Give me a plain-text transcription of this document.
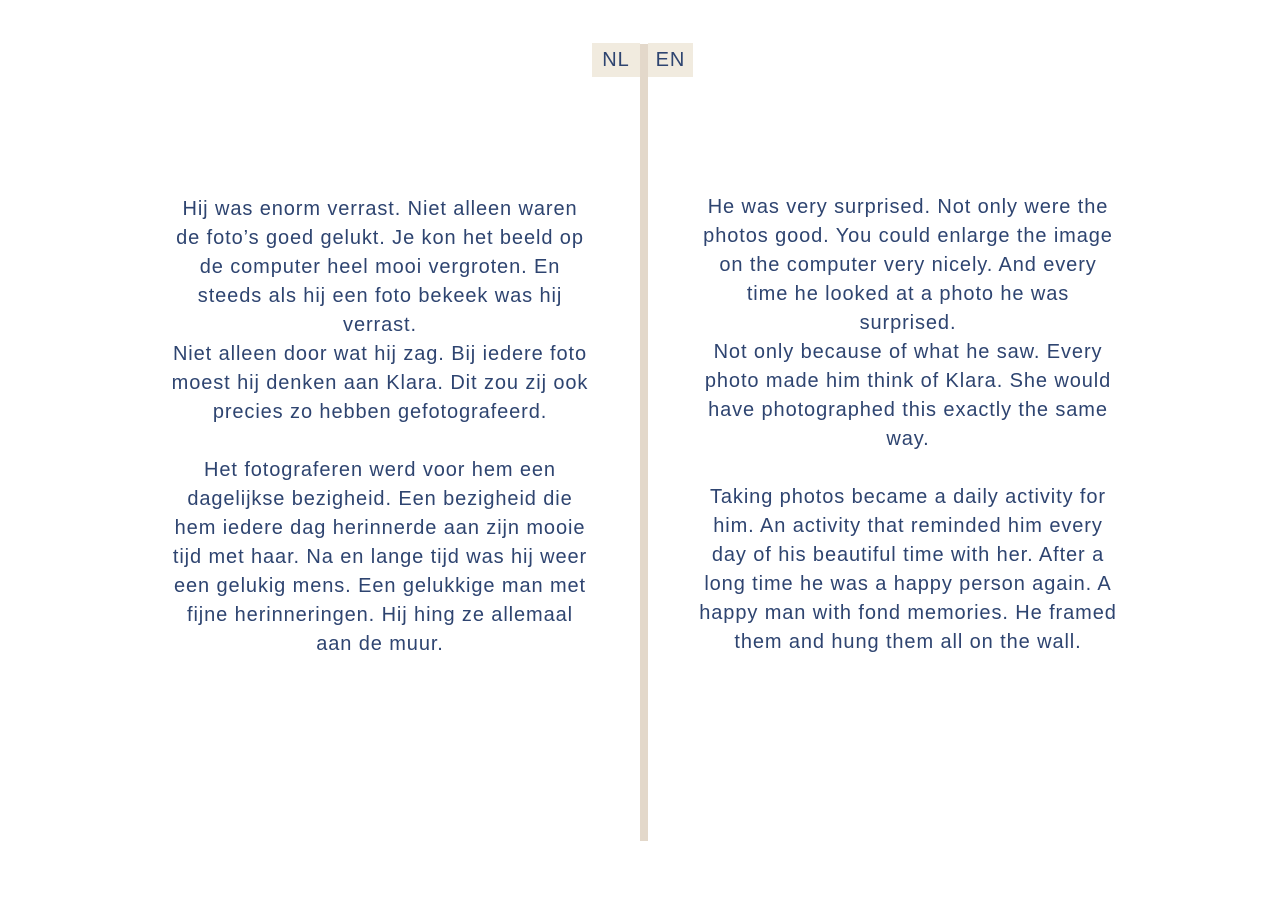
NL EN

Hij was enorm verrast. Niet alleen waren de foto’s goed gelukt. Je kon het beeld op de computer heel mooi vergroten. En steeds als hij een foto bekeek was hij verrast.

Niet alleen door wat hij zag. Bij iedere foto moest hij denken aan Klara. Dit zou zij ook precies zo hebben gefotografeerd.

Het fotograferen werd voor hem een dagelijkse bezigheid. Een bezigheid die hem iedere dag herinnerde aan zijn mooie tijd met haar. Na en lange tijd was hij weer een gelukig mens. Een gelukkige man met fijne herinneringen. Hij hing ze allemaal aan de muur.

He was very surprised. Not only were the photos good. You could enlarge the image on the computer very nicely. And every time he looked at a photo he was surprised.

Not only because of what he saw. Every photo made him think of Klara. She would have photographed this exactly the same way.

Taking photos became a daily activity for him. An activity that reminded him every day of his beautiful time with her. After a long time he was a happy person again. A happy man with fond memories. He framed them and hung them all on the wall.
